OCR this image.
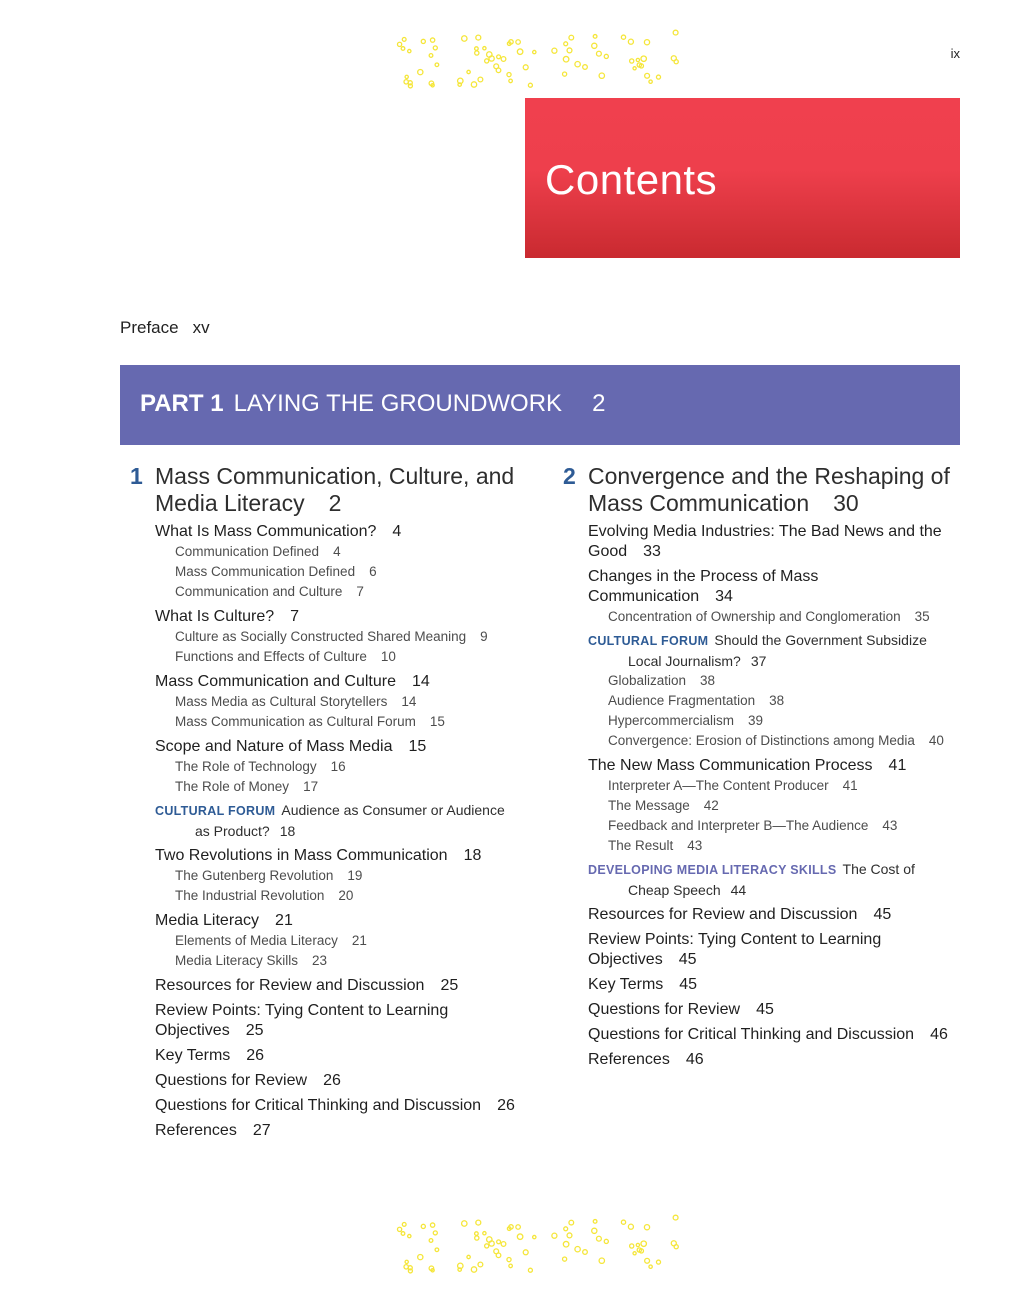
ix
Contents
Preface xv
PART 1 LAYING THE GROUNDWORK 2
1 Mass Communication, Culture, and Media Literacy 2
What Is Mass Communication? 4
Communication Defined 4
Mass Communication Defined 6
Communication and Culture 7
What Is Culture? 7
Culture as Socially Constructed Shared Meaning 9
Functions and Effects of Culture 10
Mass Communication and Culture 14
Mass Media as Cultural Storytellers 14
Mass Communication as Cultural Forum 15
Scope and Nature of Mass Media 15
The Role of Technology 16
The Role of Money 17
CULTURAL FORUM Audience as Consumer or Audience
as Product? 18
Two Revolutions in Mass Communication 18
The Gutenberg Revolution 19
The Industrial Revolution 20
Media Literacy 21
Elements of Media Literacy 21
Media Literacy Skills 23
Resources for Review and Discussion 25
Review Points: Tying Content to Learning Objectives 25
Key Terms 26
Questions for Review 26
Questions for Critical Thinking and Discussion 26
References 27
2 Convergence and the Reshaping of Mass Communication 30
Evolving Media Industries: The Bad News and the Good 33
Changes in the Process of Mass Communication 34
Concentration of Ownership and Conglomeration 35
CULTURAL FORUM Should the Government Subsidize
Local Journalism? 37
Globalization 38
Audience Fragmentation 38
Hypercommercialism 39
Convergence: Erosion of Distinctions among Media 40
The New Mass Communication Process 41
Interpreter A—The Content Producer 41
The Message 42
Feedback and Interpreter B—The Audience 43
The Result 43
DEVELOPING MEDIA LITERACY SKILLS The Cost of
Cheap Speech 44
Resources for Review and Discussion 45
Review Points: Tying Content to Learning Objectives 45
Key Terms 45
Questions for Review 45
Questions for Critical Thinking and Discussion 46
References 46
